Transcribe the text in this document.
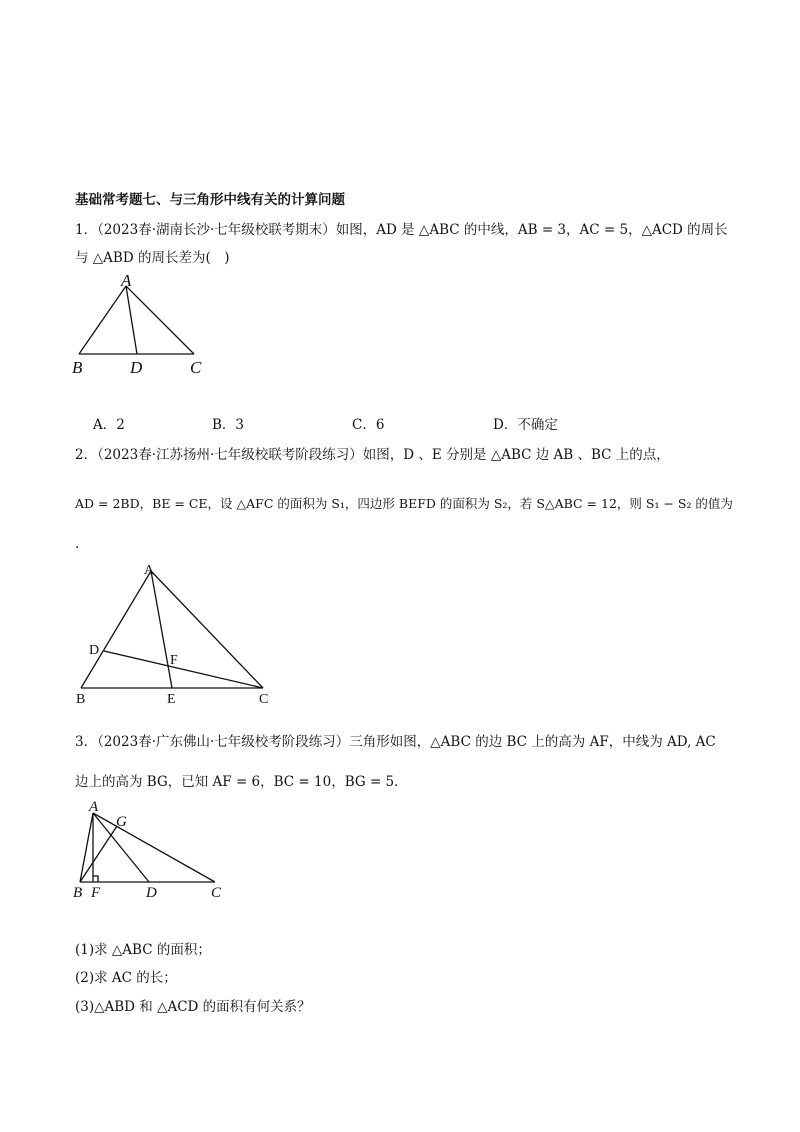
基础常考题七、与三角形中线有关的计算问题
1．（2023春·湖南长沙·七年级校联考期末）如图，AD 是 △ABC 的中线，AB = 3，AC = 5，△ACD 的周长
与 △ABD 的周长差为(　)
A
B	D	C
A．2	B．3	C．6	D．不确定
2．（2023春·江苏扬州·七年级校联考阶段练习）如图，D 、E 分别是 △ABC 边 AB 、BC 上的点，
AD = 2BD，BE = CE，设 △AFC 的面积为 S₁，四边形 BEFD 的面积为 S₂，若 S△ABC = 12，则 S₁ − S₂ 的值为
.
A
D
F
B	E	C
3．（2023春·广东佛山·七年级校考阶段练习）三角形如图，△ABC 的边 BC 上的高为 AF，中线为 AD, AC
边上的高为 BG，已知 AF = 6，BC = 10，BG = 5．
A
G
B F	D	C
(1)求 △ABC 的面积；
(2)求 AC 的长；
(3)△ABD 和 △ACD 的面积有何关系？
